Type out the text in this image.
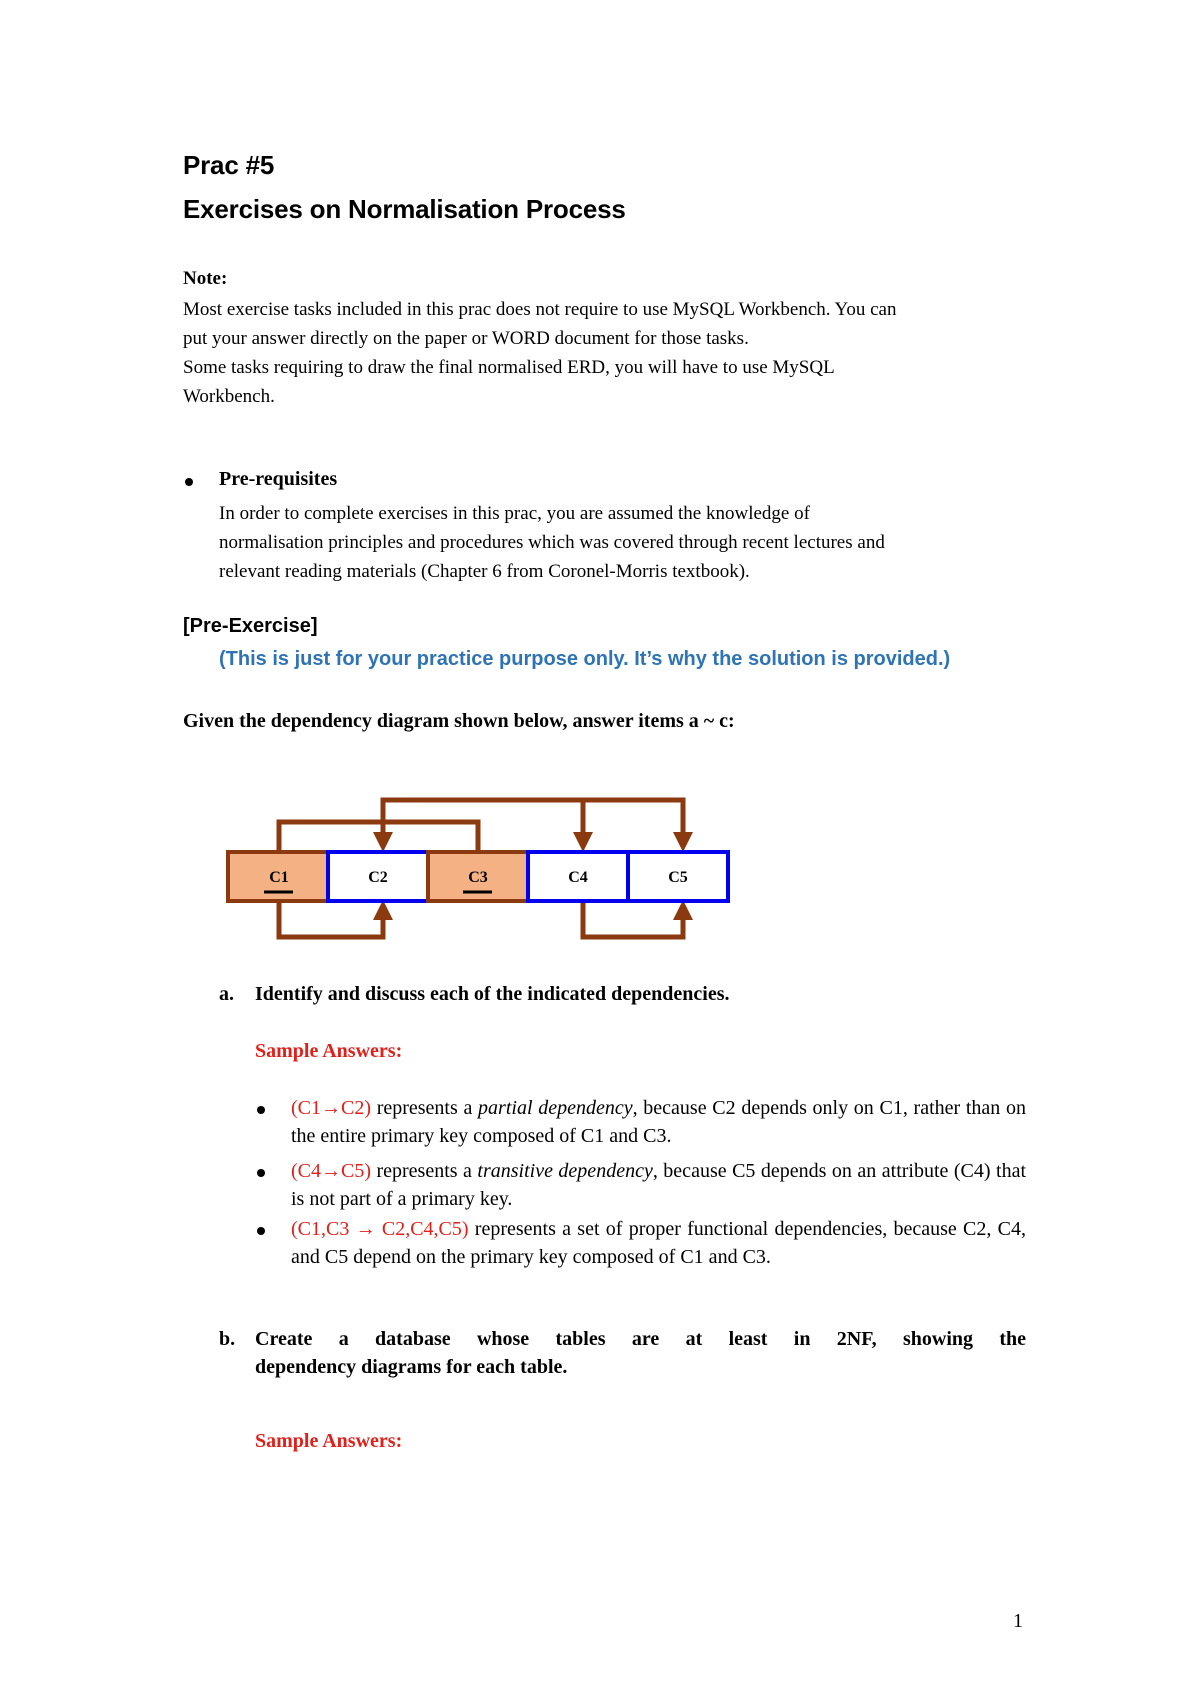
Prac #5
Exercises on Normalisation Process
Note:
Most exercise tasks included in this prac does not require to use MySQL Workbench. You can
put your answer directly on the paper or WORD document for those tasks.
Some tasks requiring to draw the final normalised ERD, you will have to use MySQL
Workbench.
Pre-requisites
In order to complete exercises in this prac, you are assumed the knowledge of
normalisation principles and procedures which was covered through recent lectures and
relevant reading materials (Chapter 6 from Coronel-Morris textbook).
[Pre-Exercise]
(This is just for your practice purpose only. It’s why the solution is provided.)
Given the dependency diagram shown below, answer items a ~ c:
C1	C2	C3	C4	C5
a. Identify and discuss each of the indicated dependencies.
Sample Answers:
(C1→C2) represents a partial dependency, because C2 depends only on C1, rather than on the entire primary key composed of C1 and C3.
(C4→C5) represents a transitive dependency, because C5 depends on an attribute (C4) that is not part of a primary key.
(C1,C3 → C2,C4,C5) represents a set of proper functional dependencies, because C2, C4, and C5 depend on the primary key composed of C1 and C3.
b. Create a database whose tables are at least in 2NF, showing the
dependency diagrams for each table.
Sample Answers:
1
